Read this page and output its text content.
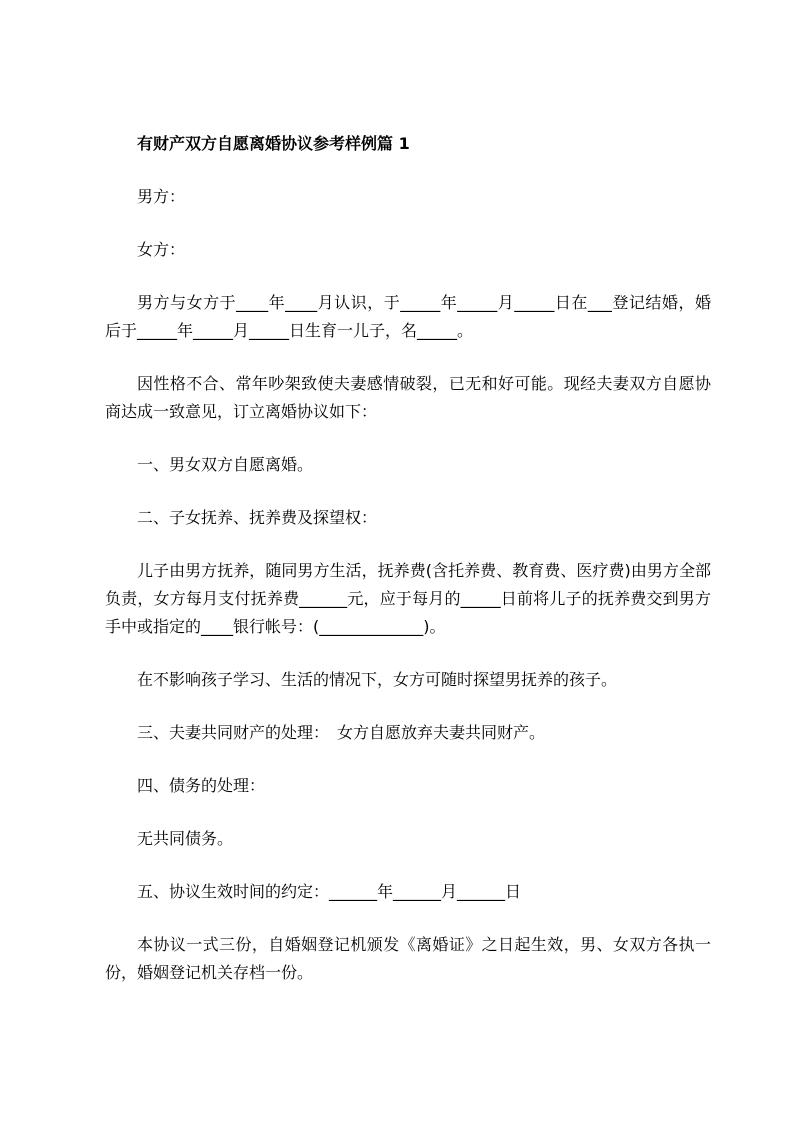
有财产双方自愿离婚协议参考样例篇 1

男方：

女方：

男方与女方于____年____月认识，于_____年_____月_____日在___登记结婚，婚后于_____年_____月_____日生育一儿子，名_____。

因性格不合、常年吵架致使夫妻感情破裂，已无和好可能。现经夫妻双方自愿协商达成一致意见，订立离婚协议如下：

一、男女双方自愿离婚。

二、子女抚养、抚养费及探望权：

儿子由男方抚养，随同男方生活，抚养费(含托养费、教育费、医疗费)由男方全部负责，女方每月支付抚养费______元，应于每月的_____日前将儿子的抚养费交到男方手中或指定的____银行帐号：(_____________)。

在不影响孩子学习、生活的情况下，女方可随时探望男抚养的孩子。

三、夫妻共同财产的处理：　女方自愿放弃夫妻共同财产。

四、债务的处理：

无共同债务。

五、协议生效时间的约定：______年______月______日

本协议一式三份，自婚姻登记机颁发《离婚证》之日起生效，男、女双方各执一份，婚姻登记机关存档一份。
